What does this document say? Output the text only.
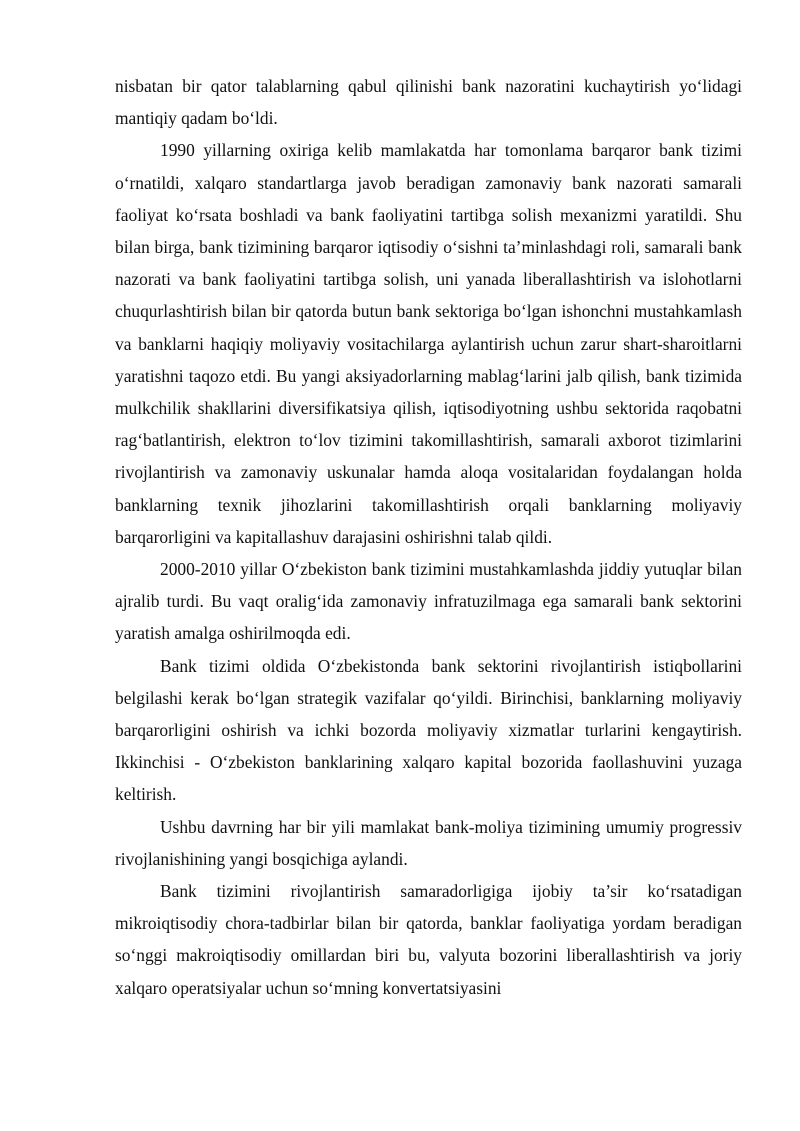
nisbatan bir qator talablarning qabul qilinishi bank nazoratini kuchaytirish yo‘lidagi mantiqiy qadam bo‘ldi.

1990 yillarning oxiriga kelib mamlakatda har tomonlama barqaror bank tizimi o‘rnatildi, xalqaro standartlarga javob beradigan zamonaviy bank nazorati samarali faoliyat ko‘rsata boshladi va bank faoliyatini tartibga solish mexanizmi yaratildi. Shu bilan birga, bank tizimining barqaror iqtisodiy o‘sishni ta’minlashdagi roli, samarali bank nazorati va bank faoliyatini tartibga solish, uni yanada liberallashtirish va islohotlarni chuqurlashtirish bilan bir qatorda butun bank sektoriga bo‘lgan ishonchni mustahkamlash va banklarni haqiqiy moliyaviy vositachilarga aylantirish uchun zarur shart-sharoitlarni yaratishni taqozo etdi. Bu yangi aksiyadorlarning mablag‘larini jalb qilish, bank tizimida mulkchilik shakllarini diversifikatsiya qilish, iqtisodiyotning ushbu sektorida raqobatni rag‘batlantirish, elektron to‘lov tizimini takomillashtirish, samarali axborot tizimlarini rivojlantirish va zamonaviy uskunalar hamda aloqa vositalaridan foydalangan holda banklarning texnik jihozlarini takomillashtirish orqali banklarning moliyaviy barqarorligini va kapitallashuv darajasini oshirishni talab qildi.

2000-2010 yillar O‘zbekiston bank tizimini mustahkamlashda jiddiy yutuqlar bilan ajralib turdi. Bu vaqt oralig‘ida zamonaviy infratuzilmaga ega samarali bank sektorini yaratish amalga oshirilmoqda edi.

Bank tizimi oldida O‘zbekistonda bank sektorini rivojlantirish istiqbollarini belgilashi kerak bo‘lgan strategik vazifalar qo‘yildi. Birinchisi, banklarning moliyaviy barqarorligini oshirish va ichki bozorda moliyaviy xizmatlar turlarini kengaytirish. Ikkinchisi - O‘zbekiston banklarining xalqaro kapital bozorida faollashuvini yuzaga keltirish.

Ushbu davrning har bir yili mamlakat bank-moliya tizimining umumiy progressiv rivojlanishining yangi bosqichiga aylandi.

Bank tizimini rivojlantirish samaradorligiga ijobiy ta’sir ko‘rsatadigan mikroiqtisodiy chora-tadbirlar bilan bir qatorda, banklar faoliyatiga yordam beradigan so‘nggi makroiqtisodiy omillardan biri bu, valyuta bozorini liberallashtirish va joriy xalqaro operatsiyalar uchun so‘mning konvertatsiyasini
